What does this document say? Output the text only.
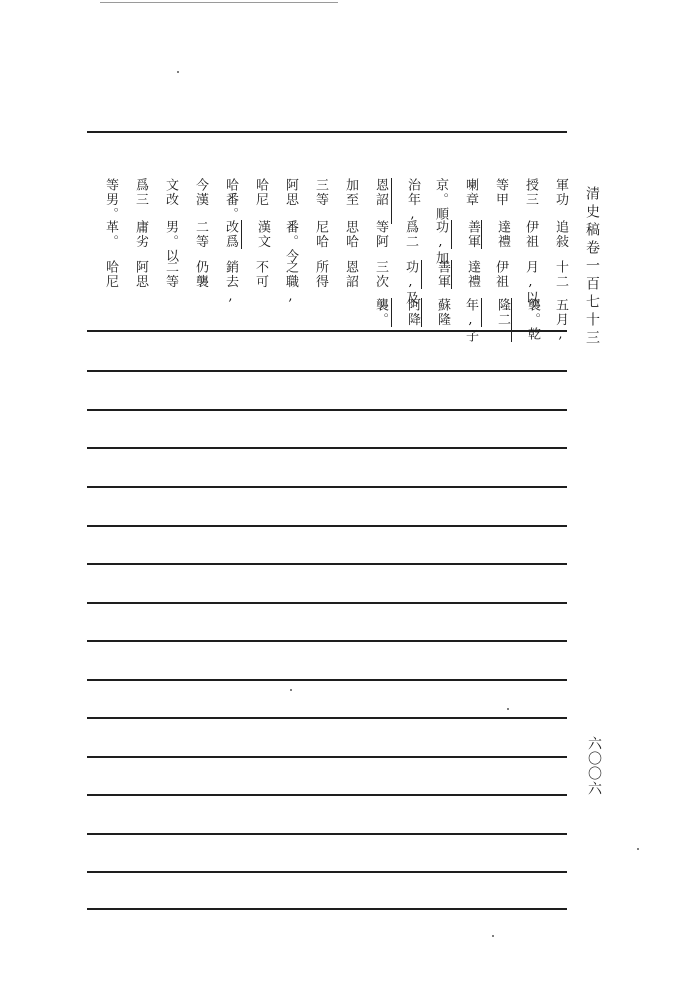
軍功
授三
等甲
喇章
京。順
治年,
恩詔
加至
三等
阿思
哈尼
哈番。
今漢
文改
爲三
等男。
追敍
伊祖
達禮
善軍
功,加
爲二
等阿
思哈
尼哈
番。今
漢文
改爲
二等
男。以
庸劣
革。
十二
月,以
伊祖
達禮
善軍
功,及
三次
恩詔
所得
之職,
不可
銷去,
仍襲
二等
阿思
哈尼
五月,
襲。乾
隆二
年,子
蘇隆
阿降
襲。	清史稿卷一百七十三
六〇〇六
